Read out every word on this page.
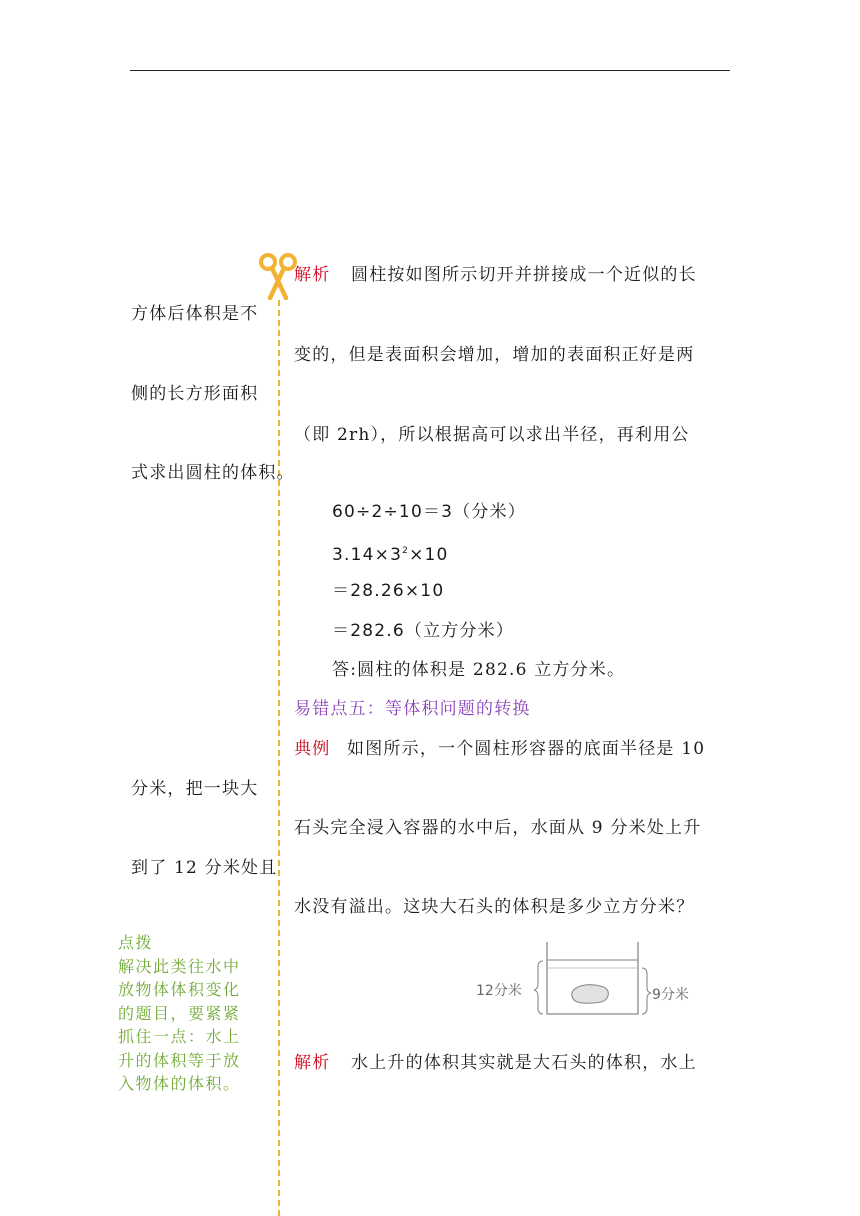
解析 圆柱按如图所示切开并拼接成一个近似的长
方体后体积是不
变的，但是表面积会增加，增加的表面积正好是两
侧的长方形面积
（即 2rh），所以根据高可以求出半径，再利用公
式求出圆柱的体积。
60÷2÷10＝3（分米）
$3.14\times 3^2\times 10$
＝28.26×10
＝282.6（立方分米）
答:圆柱的体积是 282.6 立方分米。
易错点五：等体积问题的转换
典例 如图所示，一个圆柱形容器的底面半径是 10
分米，把一块大
石头完全浸入容器的水中后，水面从 9 分米处上升
到了 12 分米处且
水没有溢出。这块大石头的体积是多少立方分米？
点拨
解决此类往水中
放物体体积变化
的题目，要紧紧
抓住一点：水上
升的体积等于放
入物体的体积。
12分米	9分米
解析 水上升的体积其实就是大石头的体积，水上
